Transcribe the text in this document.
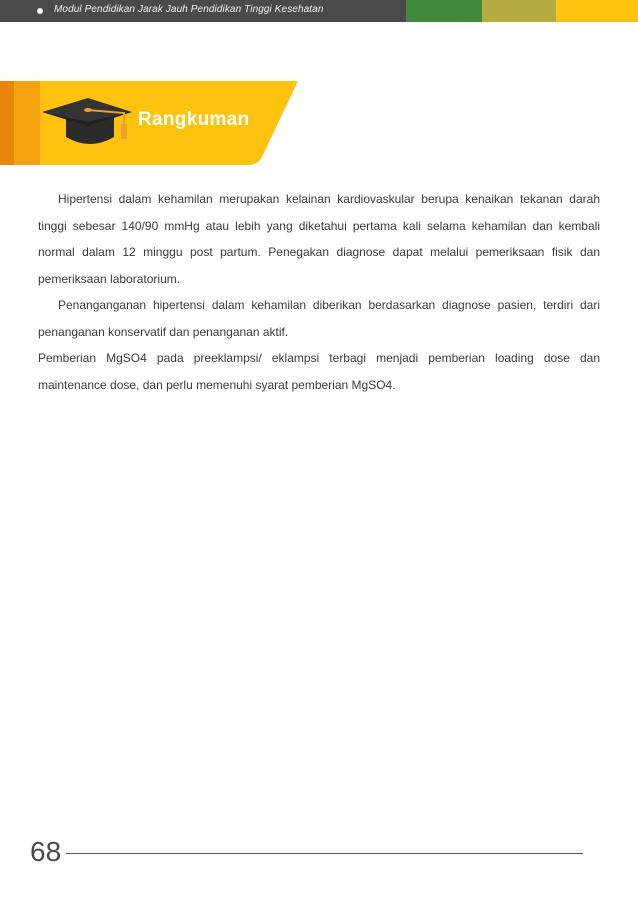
Modul Pendidikan Jarak Jauh Pendidikan Tinggi Kesehatan
Rangkuman

Hipertensi dalam kehamilan merupakan kelainan kardiovaskular berupa kenaikan tekanan darah tinggi sebesar 140/90 mmHg atau lebih yang diketahui pertama kali selama kehamilan dan kembali normal dalam 12 minggu post partum. Penegakan diagnose dapat melalui pemeriksaan fisik dan pemeriksaan laboratorium.

Penanganganan hipertensi dalam kehamilan diberikan berdasarkan diagnose pasien, terdiri dari penanganan konservatif dan penanganan aktif.

Pemberian MgSO4 pada preeklampsi/ eklampsi terbagi menjadi pemberian loading dose dan maintenance dose, dan perlu memenuhi syarat pemberian MgSO4.

68
